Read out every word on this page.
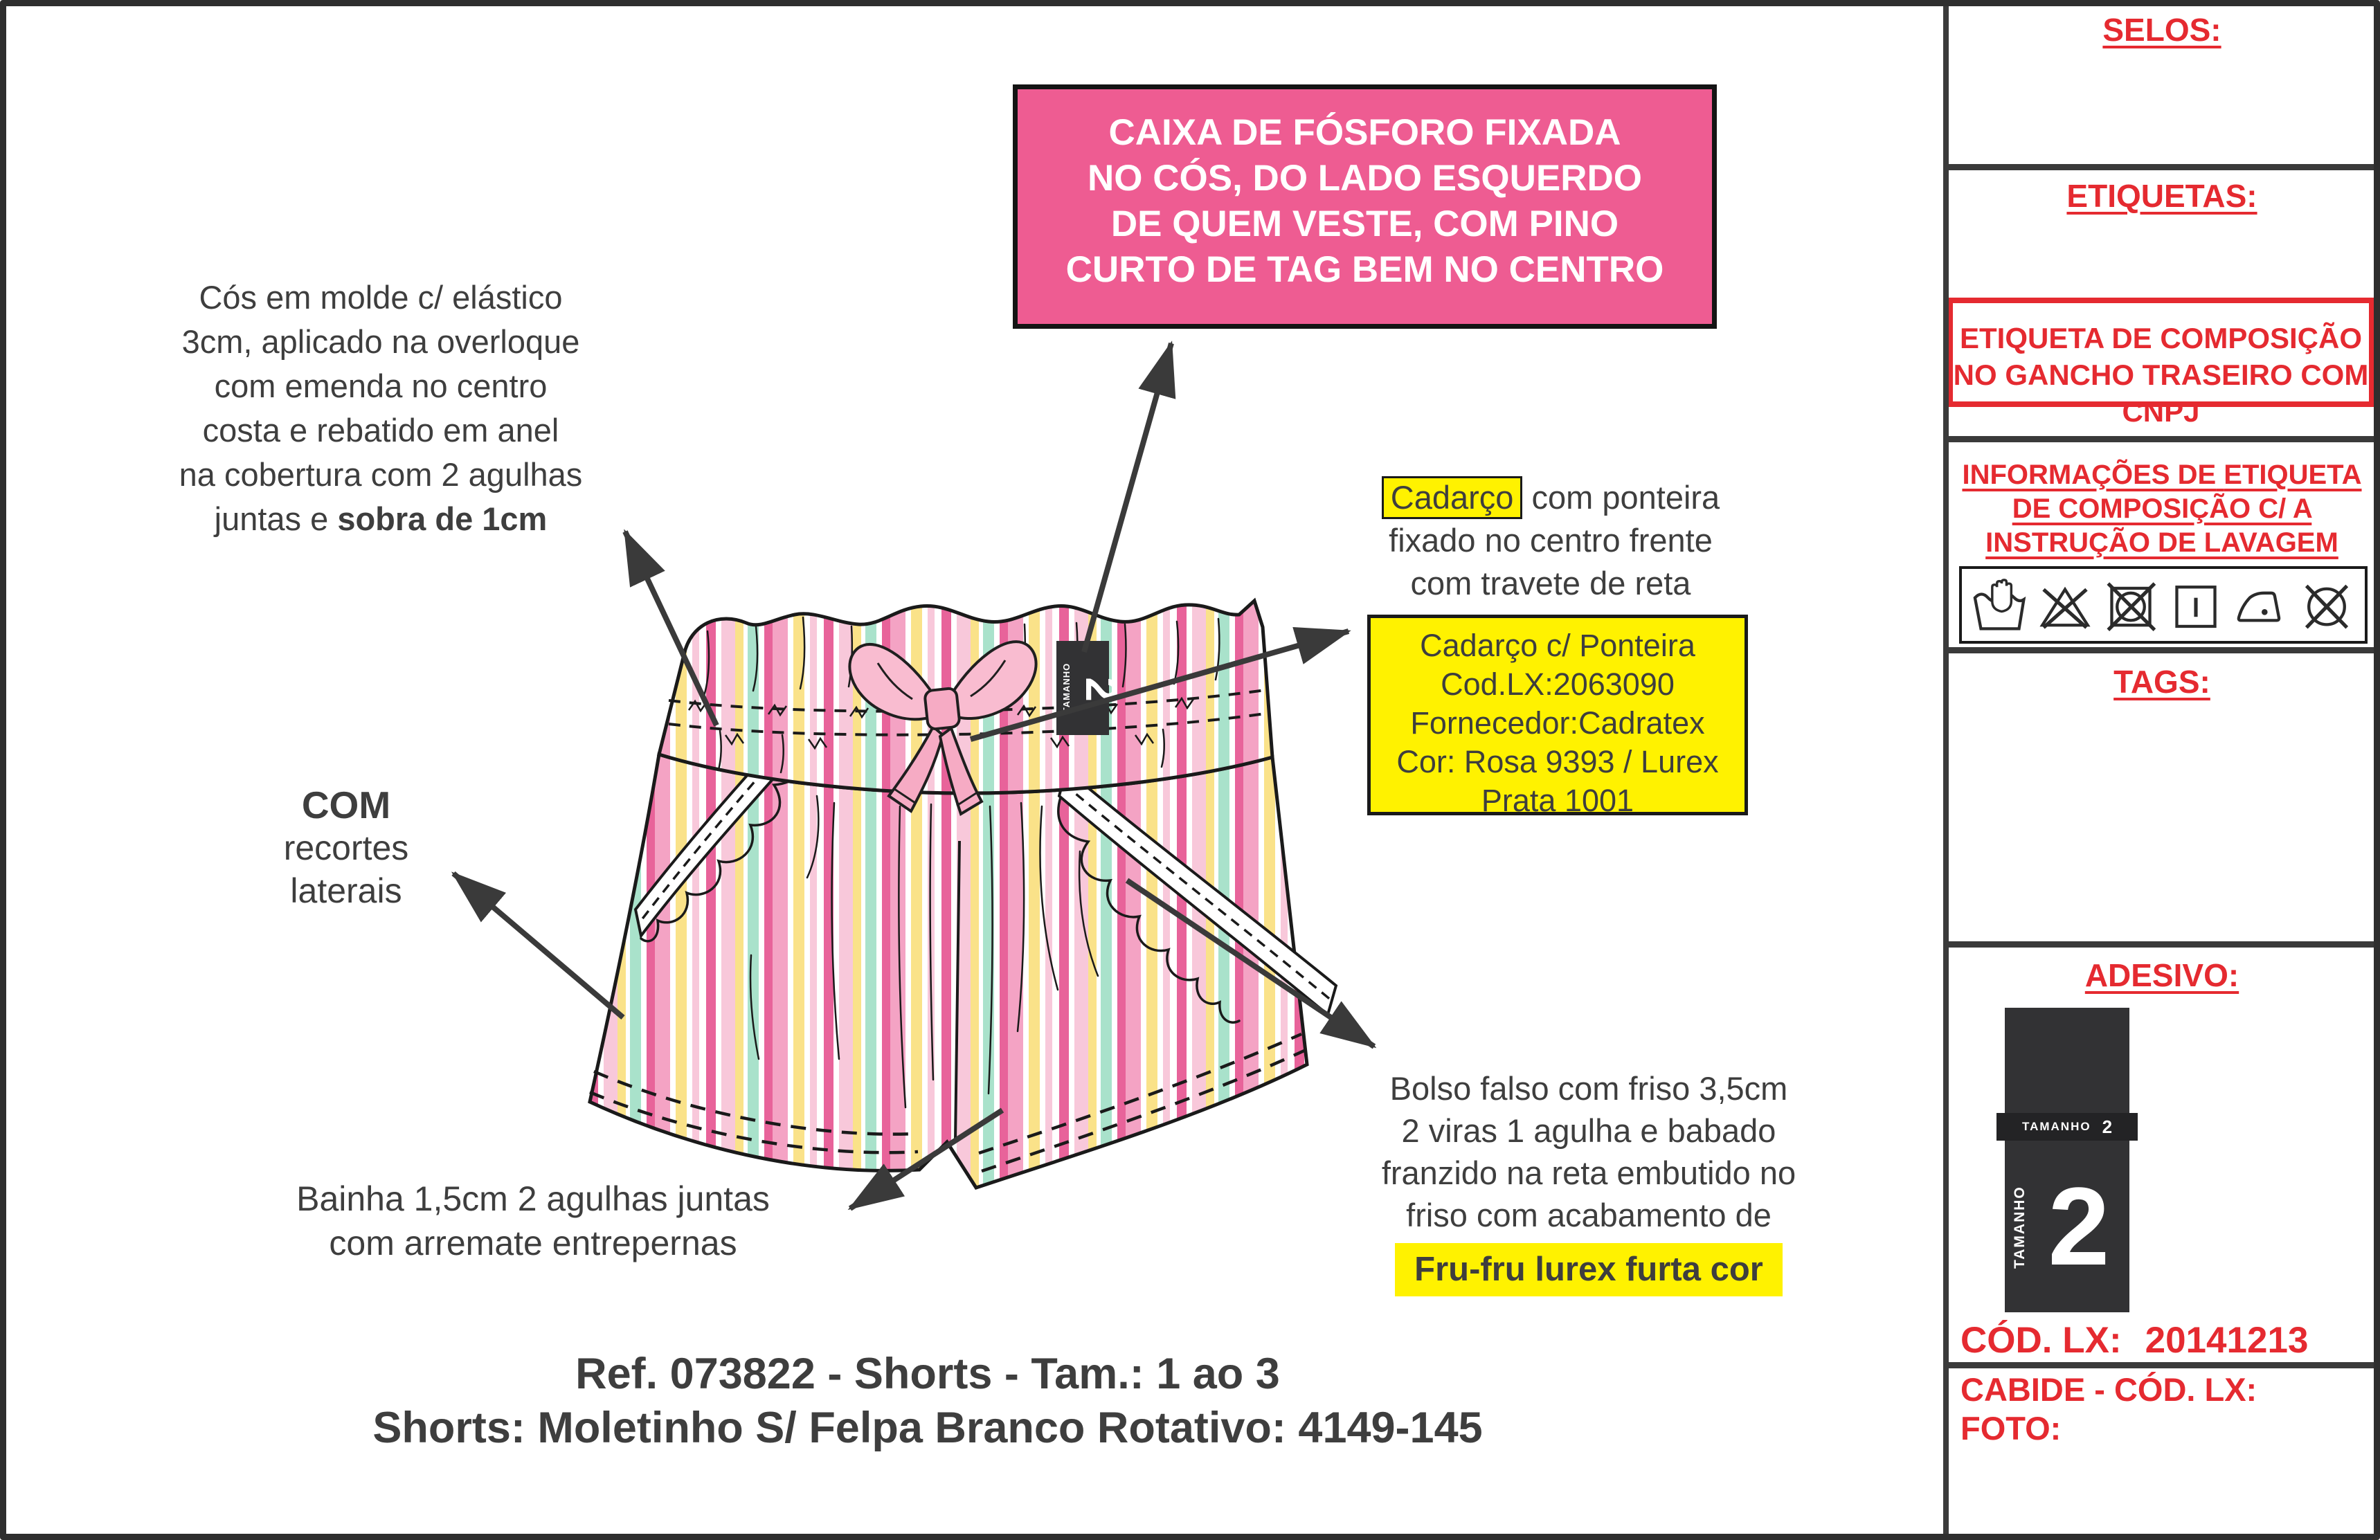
2
TAMANHO
CAIXA DE FÓSFORO FIXADA
NO CÓS, DO LADO ESQUERDO
DE QUEM VESTE, COM PINO
CURTO DE TAG BEM NO CENTRO
Cós em molde c/ elástico
3cm, aplicado na overloque
com emenda no centro
costa e rebatido em anel
na cobertura com 2 agulhas
juntas e sobra de 1cm
Cadarço com ponteira
fixado no centro frente
com travete de reta
Cadarço c/ Ponteira
Cod.LX:2063090
Fornecedor:Cadratex
Cor: Rosa 9393 / Lurex
Prata 1001
COM
recortes
laterais
Bainha 1,5cm 2 agulhas juntas
com arremate entrepernas
Bolso falso com friso 3,5cm
2 viras 1 agulha e babado
franzido na reta embutido no
friso com acabamento de
Fru-fru lurex furta cor
Ref. 073822 - Shorts - Tam.: 1 ao 3
Shorts: Moletinho S/ Felpa Branco Rotativo: 4149-145
SELOS:
ETIQUETAS:
ETIQUETA DE COMPOSIÇÃO NO GANCHO TRASEIRO COM CNPJ
INFORMAÇÕES DE ETIQUETA DE COMPOSIÇÃO C/ A INSTRUÇÃO DE LAVAGEM
TAGS:
ADESIVO:
TAMANHO 2
2
TAMANHO
CÓD. LX: 20141213
CABIDE - CÓD. LX:
FOTO:
